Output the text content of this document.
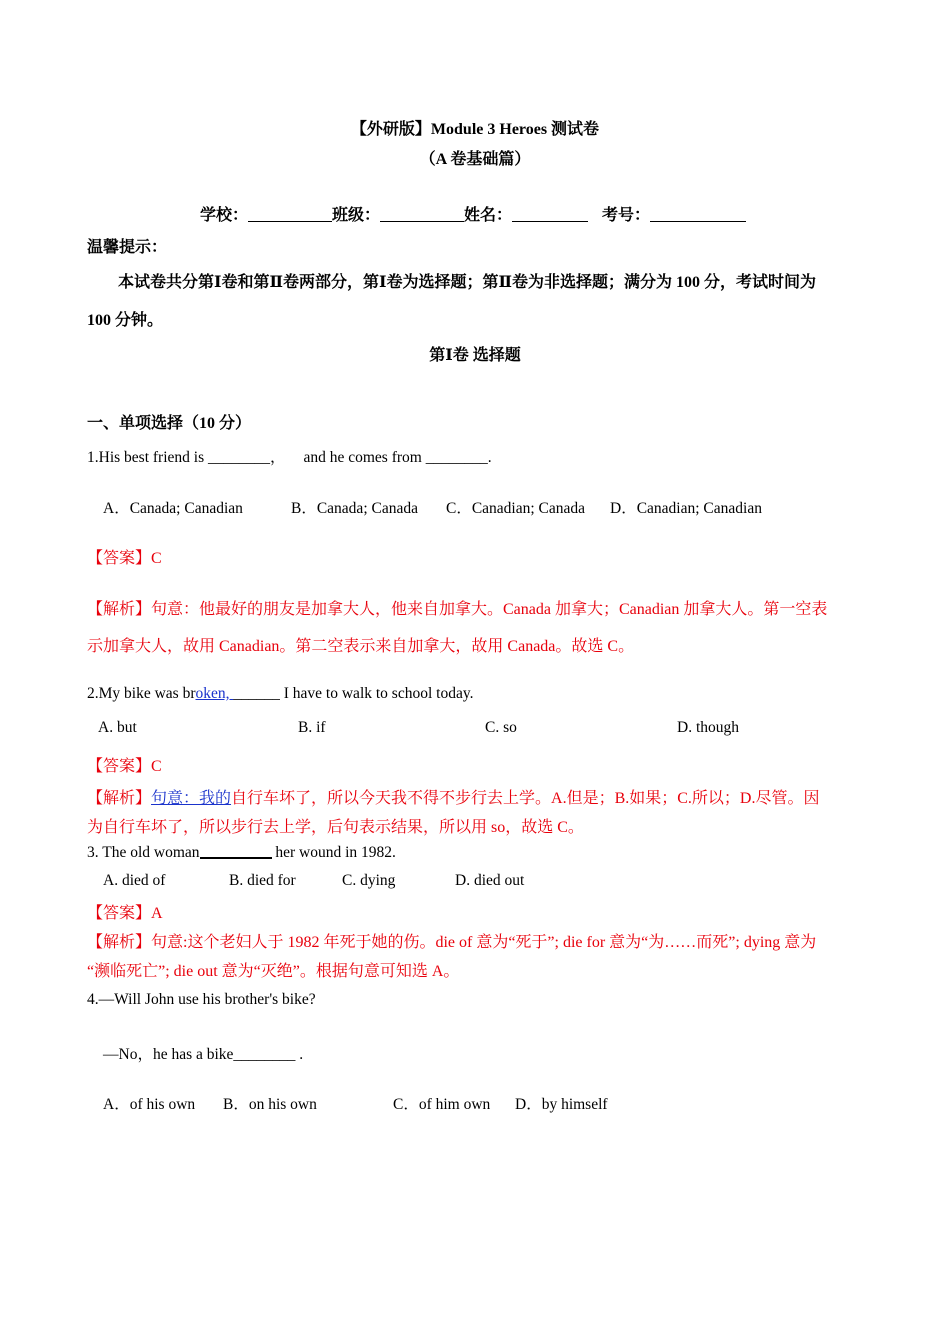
【外研版】Module 3 Heroes 测试卷
（A 卷基础篇）
学校：	班级：	姓名：	考号：
温馨提示：
本试卷共分第Ⅰ卷和第Ⅱ卷两部分，第Ⅰ卷为选择题；第Ⅱ卷为非选择题；满分为 100 分，考试时间为
100 分钟。
第Ⅰ卷 选择题
一、单项选择（10 分）
1.His best friend is ________， and he comes from ________.
A．Canada; Canadian	B．Canada; Canada C．Canadian; Canada D．Canadian; Canadian
【答案】C
【解析】句意：他最好的朋友是加拿大人，他来自加拿大。Canada 加拿大；Canadian 加拿大人。第一空表
示加拿大人，故用 Canadian。第二空表示来自加拿大，故用 Canada。故选 C。
2.My bike was broken, ______ I have to walk to school today.
A. but	B. if	C. so	D. though
【答案】C
【解析】句意：我的自行车坏了，所以今天我不得不步行去上学。A.但是；B.如果；C.所以；D.尽管。因
为自行车坏了，所以步行去上学，后句表示结果，所以用 so，故选 C。
3. The old woman	her wound in 1982.
A. died of	B. died for	C. dying	D. died out
【答案】A
【解析】句意:这个老妇人于 1982 年死于她的伤。die of 意为“死于”; die for 意为“为……而死”; dying 意为
“濒临死亡”; die out 意为“灭绝”。根据句意可知选 A。
4.—Will John use his brother's bike?
—No，he has a bike________ .
A．of his own B．on his own	C．of him own D．by himself
